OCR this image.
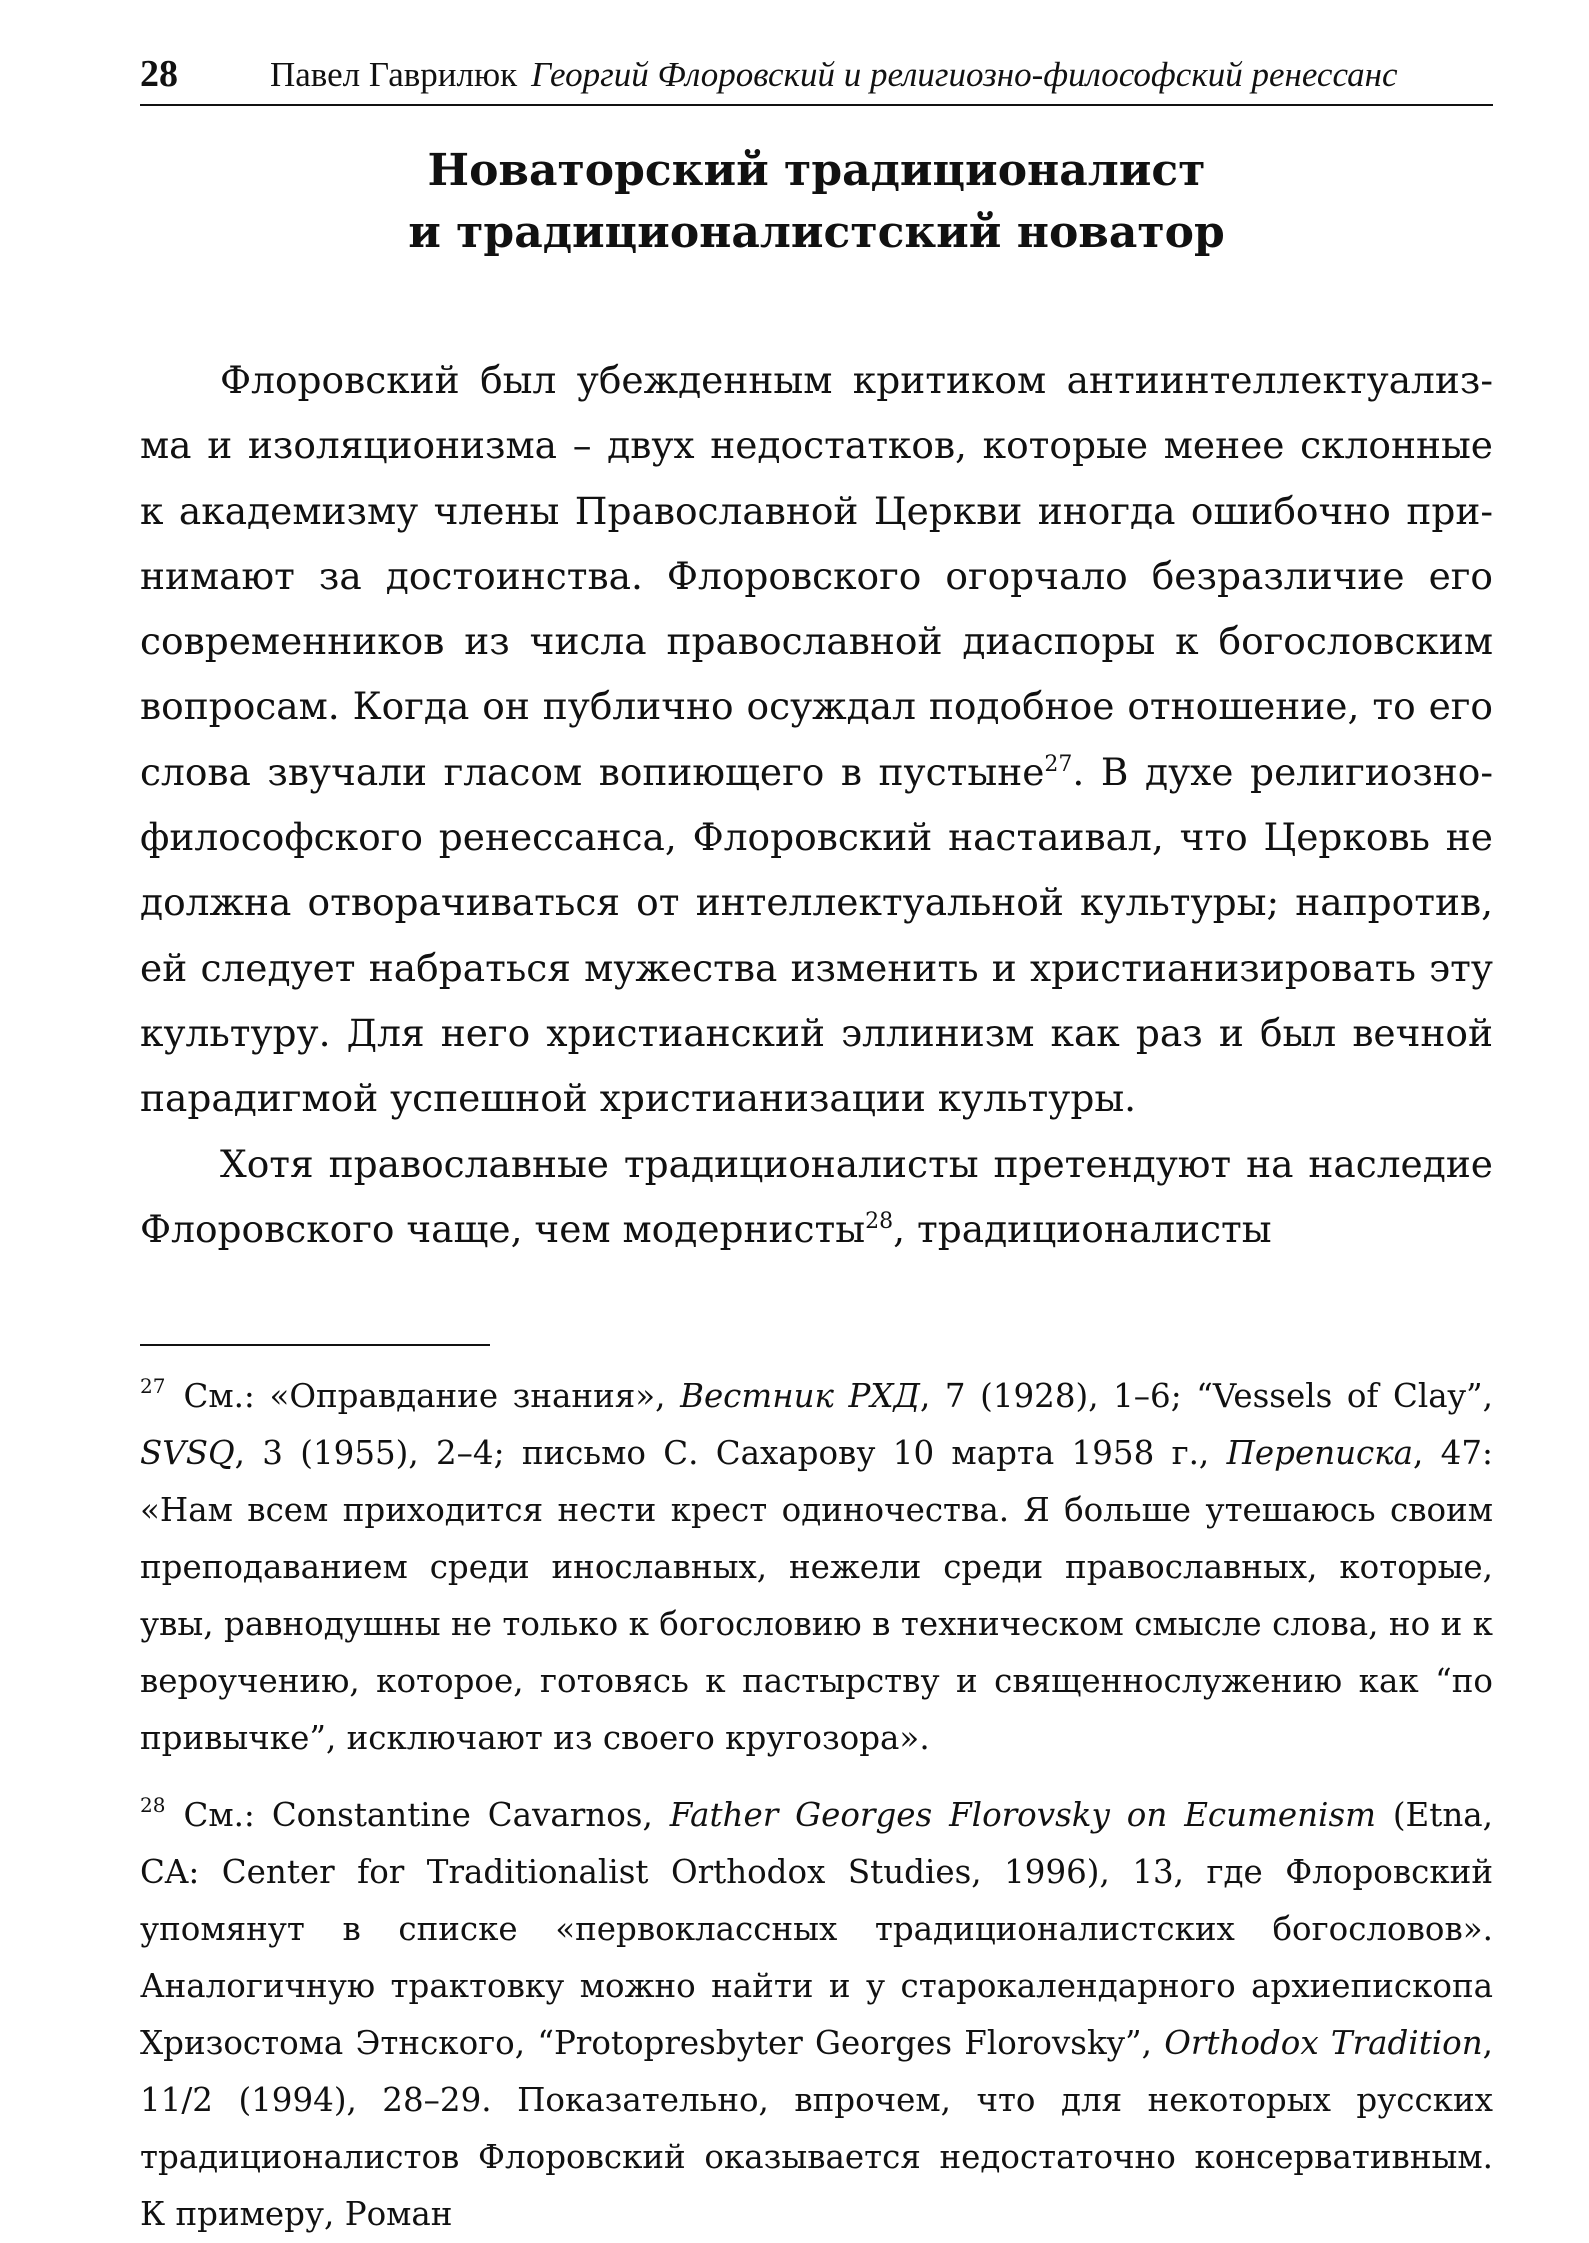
28	Павел Гаврилюк Георгий Флоровский и религиозно-философский ренессанс
Новаторский традиционалист
и традиционалистский новатор

Флоровский был убежденным критиком антиинтеллектуализма и изоляционизма – двух недостатков, которые менее склонные к академизму члены Православной Церкви иногда ошибочно принимают за достоинства. Флоровского огорчало безразличие его современников из числа православной диаспоры к богословским вопросам. Когда он публично осуждал подобное отношение, то его слова звучали гласом вопиющего в пустыне$^{27}$. В духе религиозно-философского ренессанса, Флоровский настаивал, что Церковь не должна отворачиваться от интеллектуальной культуры; напротив, ей следует набраться мужества изменить и христианизировать эту культуру. Для него христианский эллинизм как раз и был вечной парадигмой успешной христианизации культуры.

Хотя православные традиционалисты претендуют на наследие Флоровского чаще, чем модернисты$^{28}$, традиционалисты

$^{27}$ См.: «Оправдание знания», Вестник РХД, 7 (1928), 1–6; “Vessels of Clay”, SVSQ, 3 (1955), 2–4; письмо С. Сахарову 10 марта 1958 г., Переписка, 47: «Нам всем приходится нести крест одиночества. Я больше утешаюсь своим преподаванием среди инославных, нежели среди православных, которые, увы, равнодушны не только к богословию в техническом смысле слова, но и к вероучению, которое, готовясь к пастырству и священнослужению как “по привычке”, исключают из своего кругозора».

$^{28}$ См.: Constantine Cavarnos, Father Georges Florovsky on Ecumenism (Etna, CA: Center for Traditionalist Orthodox Studies, 1996), 13, где Флоровский упомянут в списке «первоклассных традиционалистских богословов». Аналогичную трактовку можно найти и у старокалендарного архиепископа Хризостома Этнского, “Protopresbyter Georges Florovsky”, Orthodox Tradition, 11/2 (1994), 28–29. Показательно, впрочем, что для некоторых русских традиционалистов Флоровский оказывается недостаточно консервативным. К примеру, Роман
